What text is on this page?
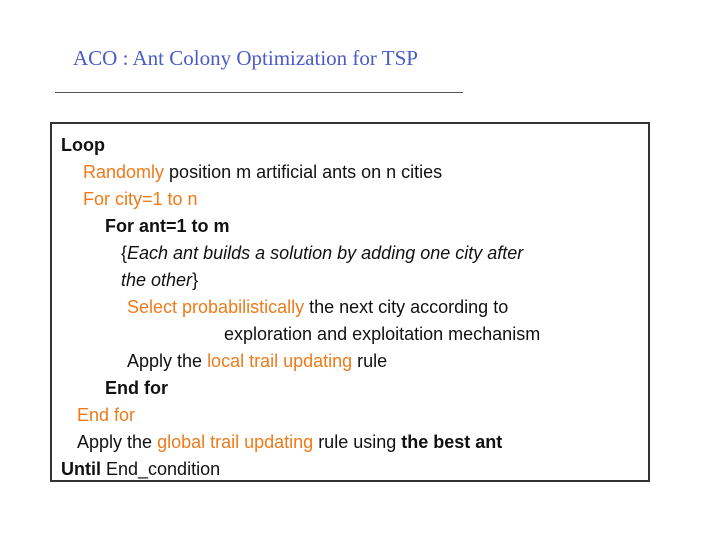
ACO : Ant Colony Optimization for TSP
Loop
Randomly position m artificial ants on n cities
For city=1 to n
For ant=1 to m
{Each ant builds a solution by adding one city after
the other}
Select probabilistically the next city according to
exploration and exploitation mechanism
Apply the local trail updating rule
End for
End for
Apply the global trail updating rule using the best ant
Until End_condition
